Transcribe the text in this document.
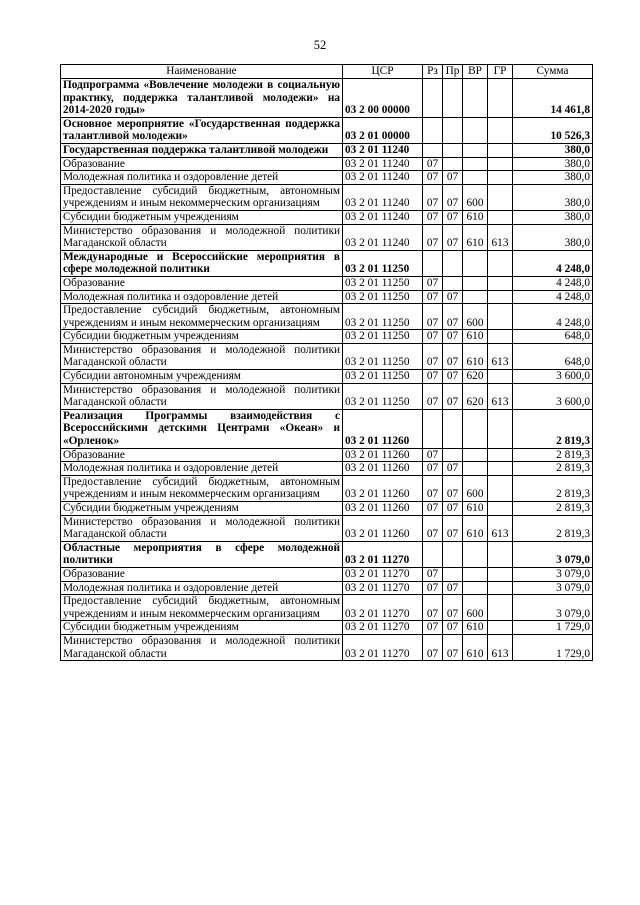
52
Наименование	ЦСР	Рз	Пр	ВР	ГР	Сумма
Подпрограмма «Вовлечение молодежи в социальную практику, поддержка талантливой молодежи» на 2014-2020 годы»	03 2 00 00000					14 461,8
Основное мероприятие «Государственная поддержка талантливой молодежи»	03 2 01 00000					10 526,3
Государственная поддержка талантливой молодежи	03 2 01 11240					380,0
Образование	03 2 01 11240	07				380,0
Молодежная политика и оздоровление детей	03 2 01 11240	07	07			380,0
Предоставление субсидий бюджетным, автономным учреждениям и иным некоммерческим организациям	03 2 01 11240	07	07	600		380,0
Субсидии бюджетным учреждениям	03 2 01 11240	07	07	610		380,0
Министерство образования и молодежной политики Магаданской области	03 2 01 11240	07	07	610	613	380,0
Международные и Всероссийские мероприятия в сфере молодежной политики	03 2 01 11250					4 248,0
Образование	03 2 01 11250	07				4 248,0
Молодежная политика и оздоровление детей	03 2 01 11250	07	07			4 248,0
Предоставление субсидий бюджетным, автономным учреждениям и иным некоммерческим организациям	03 2 01 11250	07	07	600		4 248,0
Субсидии бюджетным учреждениям	03 2 01 11250	07	07	610		648,0
Министерство образования и молодежной политики Магаданской области	03 2 01 11250	07	07	610	613	648,0
Субсидии автономным учреждениям	03 2 01 11250	07	07	620		3 600,0
Министерство образования и молодежной политики Магаданской области	03 2 01 11250	07	07	620	613	3 600,0
Реализация Программы взаимодействия с Всероссийскими детскими Центрами «Океан» и «Орленок»	03 2 01 11260					2 819,3
Образование	03 2 01 11260	07				2 819,3
Молодежная политика и оздоровление детей	03 2 01 11260	07	07			2 819,3
Предоставление субсидий бюджетным, автономным учреждениям и иным некоммерческим организациям	03 2 01 11260	07	07	600		2 819,3
Субсидии бюджетным учреждениям	03 2 01 11260	07	07	610		2 819,3
Министерство образования и молодежной политики Магаданской области	03 2 01 11260	07	07	610	613	2 819,3
Областные мероприятия в сфере молодежной политики	03 2 01 11270					3 079,0
Образование	03 2 01 11270	07				3 079,0
Молодежная политика и оздоровление детей	03 2 01 11270	07	07			3 079,0
Предоставление субсидий бюджетным, автономным учреждениям и иным некоммерческим организациям	03 2 01 11270	07	07	600		3 079,0
Субсидии бюджетным учреждениям	03 2 01 11270	07	07	610		1 729,0
Министерство образования и молодежной политики Магаданской области	03 2 01 11270	07	07	610	613	1 729,0
